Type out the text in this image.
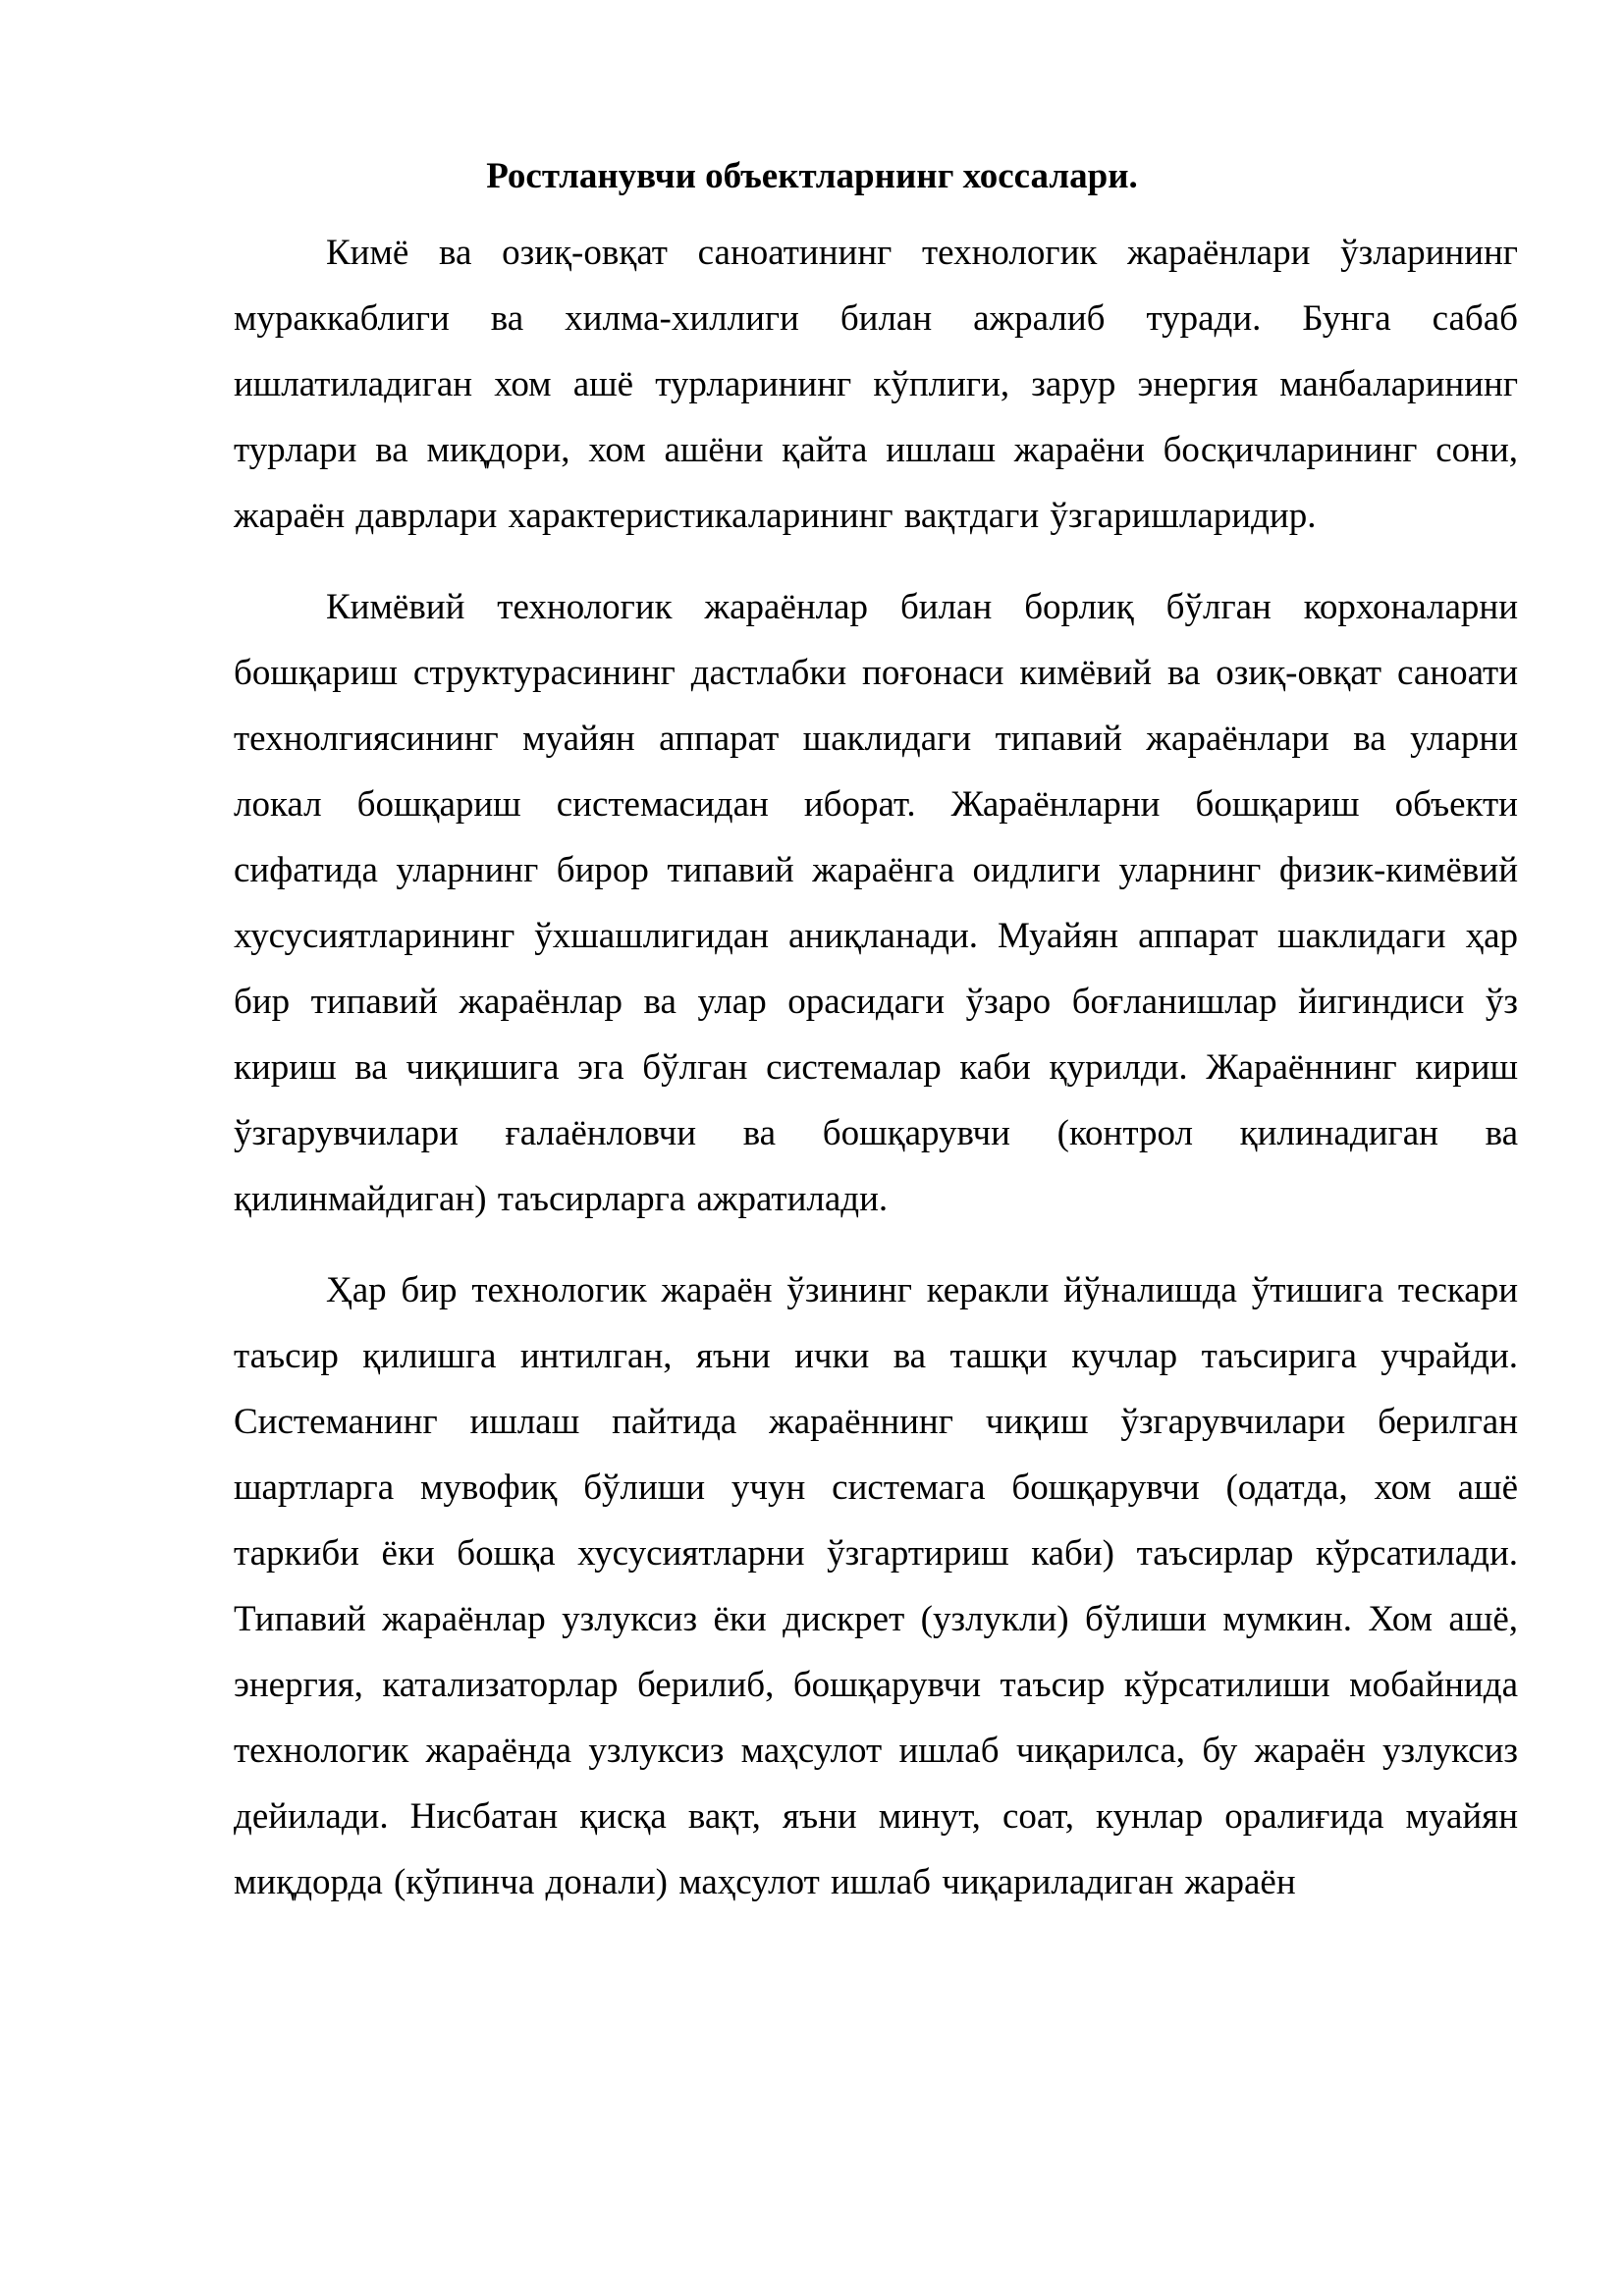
Ростланувчи объектларнинг хоссалари.

Кимё ва озиқ-овқат саноатининг технологик жараёнлари ўзларининг мураккаблиги ва хилма-хиллиги билан ажралиб туради. Бунга сабаб ишлатиладиган хом ашё турларининг кўплиги, зарур энергия манбаларининг турлари ва миқдори, хом ашёни қайта ишлаш жараёни босқичларининг сони, жараён даврлари характеристикаларининг вақтдаги ўзгаришларидир.

Кимёвий технологик жараёнлар билан борлиқ бўлган корхоналарни бошқариш структурасининг дастлабки поғонаси кимёвий ва озиқ-овқат саноати технолгиясининг муайян аппарат шаклидаги типавий жараёнлари ва уларни локал бошқариш системасидан иборат. Жараёнларни бошқариш объекти сифатида уларнинг бирор типавий жараёнга оидлиги уларнинг физик-кимёвий хусусиятларининг ўхшашлигидан аниқланади. Муайян аппарат шаклидаги ҳар бир типавий жараёнлар ва улар орасидаги ўзаро боғланишлар йигиндиси ўз кириш ва чиқишига эга бўлган системалар каби қурилди. Жараённинг кириш ўзгарувчилари ғалаёнловчи ва бошқарувчи (контрол қилинадиган ва қилинмайдиган) таъсирларга ажратилади.

Ҳар бир технологик жараён ўзининг керакли йўналишда ўтишига тескари таъсир қилишга интилган, яъни ички ва ташқи кучлар таъсирига учрайди. Системанинг ишлаш пайтида жараённинг чиқиш ўзгарувчилари берилган шартларга мувофиқ бўлиши учун системага бошқарувчи (одатда, хом ашё таркиби ёки бошқа хусусиятларни ўзгартириш каби) таъсирлар кўрсатилади. Типавий жараёнлар узлуксиз ёки дискрет (узлукли) бўлиши мумкин. Хом ашё, энергия, катализаторлар берилиб, бошқарувчи таъсир кўрсатилиши мобайнида технологик жараёнда узлуксиз маҳсулот ишлаб чиқарилса, бу жараён узлуксиз дейилади. Нисбатан қисқа вақт, яъни минут, соат, кунлар оралиғида муайян миқдорда (кўпинча донали) маҳсулот ишлаб чиқариладиган жараён
